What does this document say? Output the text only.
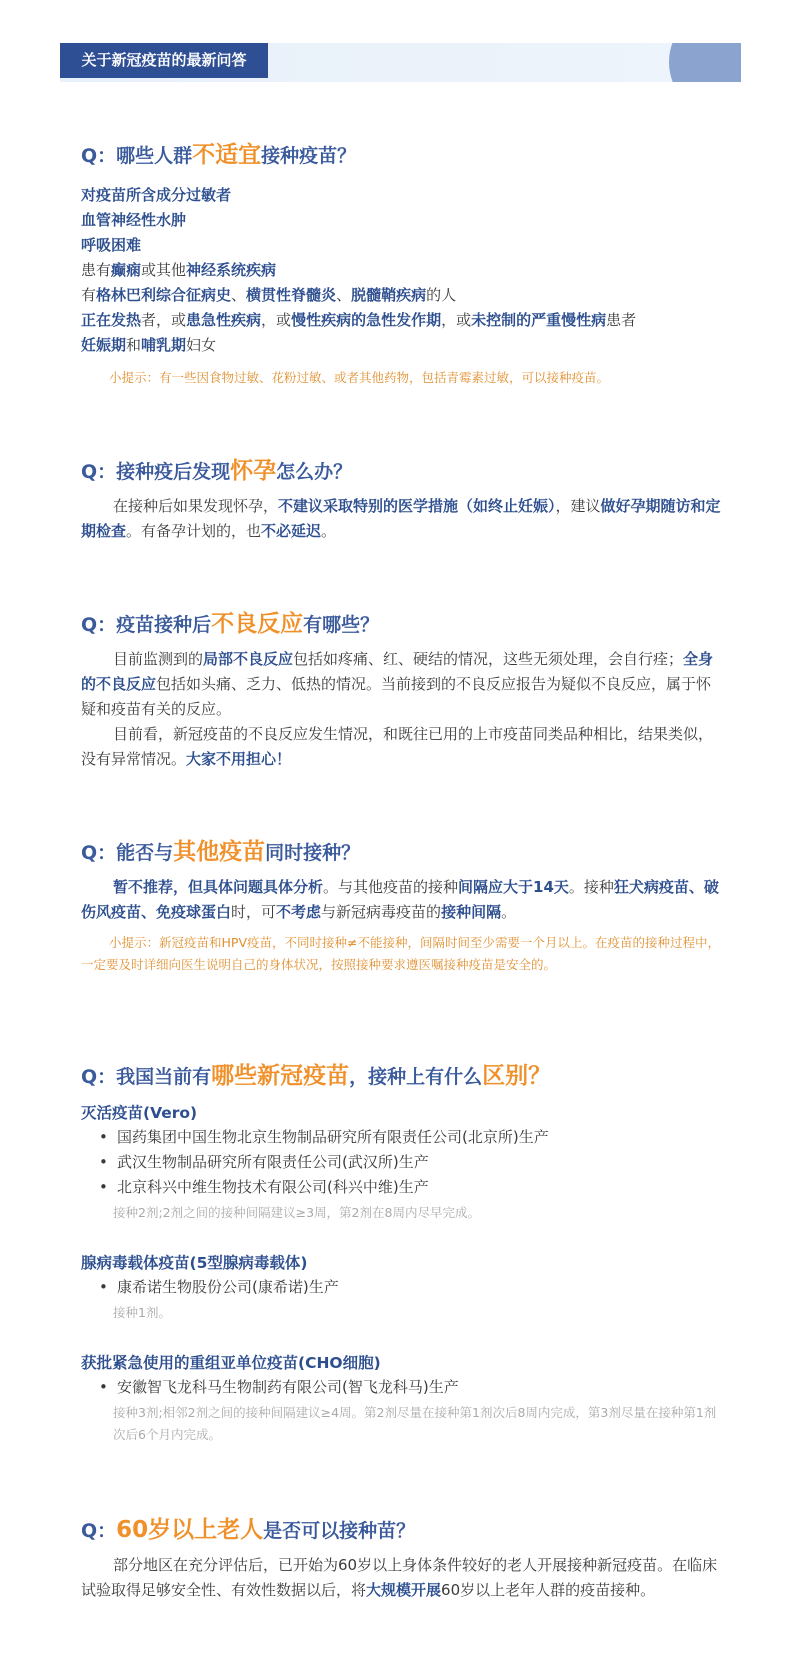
关于新冠疫苗的最新问答
Q：哪些人群不适宜接种疫苗？
对疫苗所含成分过敏者
血管神经性水肿
呼吸困难
患有癫痫或其他神经系统疾病
有格林巴利综合征病史、横贯性脊髓炎、脱髓鞘疾病的人
正在发热者，或患急性疾病，或慢性疾病的急性发作期，或未控制的严重慢性病患者
妊娠期和哺乳期妇女
小提示：有一些因食物过敏、花粉过敏、或者其他药物，包括青霉素过敏，可以接种疫苗。
Q：接种疫后发现怀孕怎么办？
在接种后如果发现怀孕，不建议采取特别的医学措施（如终止妊娠），建议做好孕期随访和定期检查。有备孕计划的，也不必延迟。
Q：疫苗接种后不良反应有哪些？
目前监测到的局部不良反应包括如疼痛、红、硬结的情况，这些无须处理，会自行痊；全身的不良反应包括如头痛、乏力、低热的情况。当前接到的不良反应报告为疑似不良反应，属于怀疑和疫苗有关的反应。
目前看，新冠疫苗的不良反应发生情况，和既往已用的上市疫苗同类品种相比，结果类似，没有异常情况。大家不用担心！
Q：能否与其他疫苗同时接种？
暂不推荐，但具体问题具体分析。与其他疫苗的接种间隔应大于14天。接种狂犬病疫苗、破伤风疫苗、免疫球蛋白时，可不考虑与新冠病毒疫苗的接种间隔。
小提示：新冠疫苗和HPV疫苗，不同时接种≠不能接种，间隔时间至少需要一个月以上。在疫苗的接种过程中，一定要及时详细向医生说明自己的身体状况，按照接种要求遵医嘱接种疫苗是安全的。
Q：我国当前有哪些新冠疫苗，接种上有什么区别？
灭活疫苗(Vero)
• 国药集团中国生物北京生物制品研究所有限责任公司(北京所)生产
• 武汉生物制品研究所有限责任公司(武汉所)生产
• 北京科兴中维生物技术有限公司(科兴中维)生产
接种2剂;2剂之间的接种间隔建议≥3周，第2剂在8周内尽早完成。
腺病毒载体疫苗(5型腺病毒载体)
• 康希诺生物股份公司(康希诺)生产
接种1剂。
获批紧急使用的重组亚单位疫苗(CHO细胞)
• 安徽智飞龙科马生物制药有限公司(智飞龙科马)生产
接种3剂;相邻2剂之间的接种间隔建议≥4周。第2剂尽量在接种第1剂次后8周内完成，第3剂尽量在接种第1剂次后6个月内完成。
Q：60岁以上老人是否可以接种苗？
部分地区在充分评估后，已开始为60岁以上身体条件较好的老人开展接种新冠疫苗。在临床试验取得足够安全性、有效性数据以后，将大规模开展60岁以上老年人群的疫苗接种。
